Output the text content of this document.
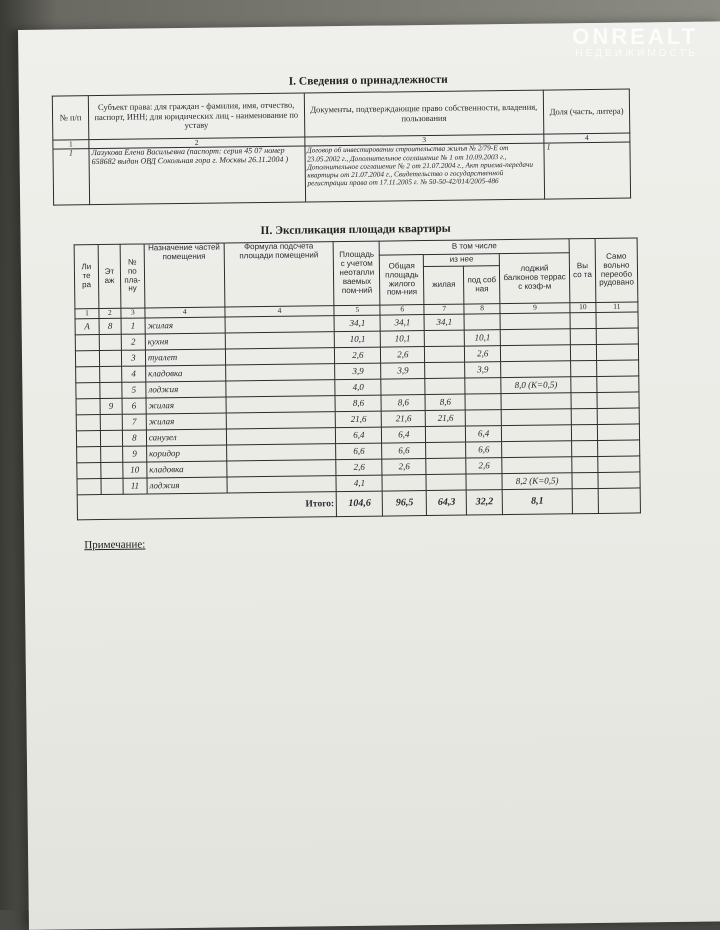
I. Сведения о принадлежности
№ п/п	Субъект права: для граждан - фамилия, имя, отчество, паспорт, ИНН; для юридических лиц - наименование по уставу	Документы, подтверждающие право собственности, владения, пользования	Доля (часть, литера)
1	2	3	4
1	Лазукова Елена Васильевна (паспорт: серия 45 07 номер 658682 выдан ОВД Сокольная гора г. Москвы 26.11.2004 )	Договор об инвестировании строительства жилья № 2/79-Е от 23.05.2002 г., Дополнительное соглашение № 1 от 10.09.2003 г., Дополнительное соглашение № 2 от 21.07.2004 г., Акт приема-передачи квартиры от 21.07.2004 г., Свидетельство о государственной регистрации права от 17.11.2005 г. № 50-50-42/014/2005-486	1
II. Экспликация площади квартиры
Ли те ра	Эт аж	№ по пла- ну	Назначение частей помещения	Формула подсчета площади помещений	Площадь с учетом неотапли ваемых пом-ний	В том числе				Вы со та	Само вольно переобо рудовано
						Общая площадь жилого пом-ния	из нее		лоджий балконов террас с коэф-м		
							жилая	под соб ная			
1	2	3	4	4	5	6	7	8	9	10	11
А	8	1	жилая		34,1	34,1	34,1				
		2	кухня		10,1	10,1		10,1			
		3	туалет		2,6	2,6		2,6			
		4	кладовка		3,9	3,9		3,9			
		5	лоджия		4,0				8,0 (К=0,5)		
	9	6	жилая		8,6	8,6	8,6				
		7	жилая		21,6	21,6	21,6				
		8	санузел		6,4	6,4		6,4			
		9	коридор		6,6	6,6		6,6			
		10	кладовка		2,6	2,6		2,6			
		11	лоджия		4,1				8,2 (К=0,5)		
Итого:					104,6	96,5	64,3	32,2	8,1		
Примечание:
ONREALT
НЕДВИЖИМОСТЬ
